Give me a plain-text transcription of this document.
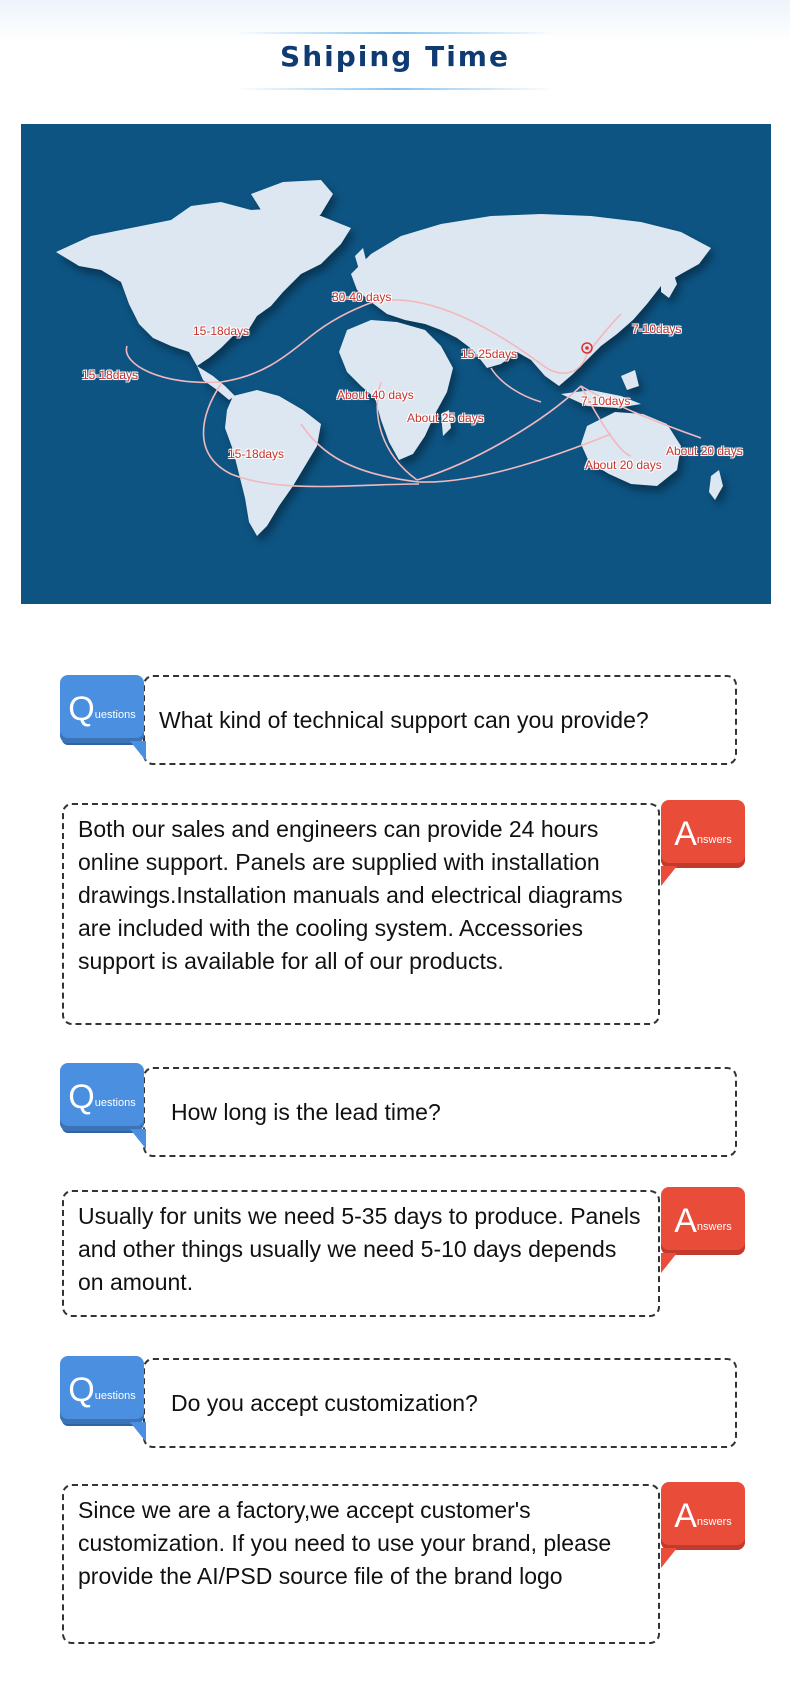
Shiping Time
30-40 days
15-18days
15-18days
15-25days
7-10days
About 40 days
About 25 days
7-10days
15-18days	About 20 days
About 20 days
What kind of technical support can you provide?
Q uestions
Both our sales and engineers can provide 24 hours online support. Panels are supplied with installation drawings.Installation manuals and electrical diagrams are included with the cooling system. Accessories support is available for all of our products.
A nswers
How long is the lead time?
Q uestions
Usually for units we need 5-35 days to produce. Panels and other things usually we need 5-10 days depends on amount.
A nswers
Do you accept customization?
Q uestions
Since we are a factory,we accept customer's customization. If you need to use your brand, please provide the AI/PSD source file of the brand logo
A nswers
